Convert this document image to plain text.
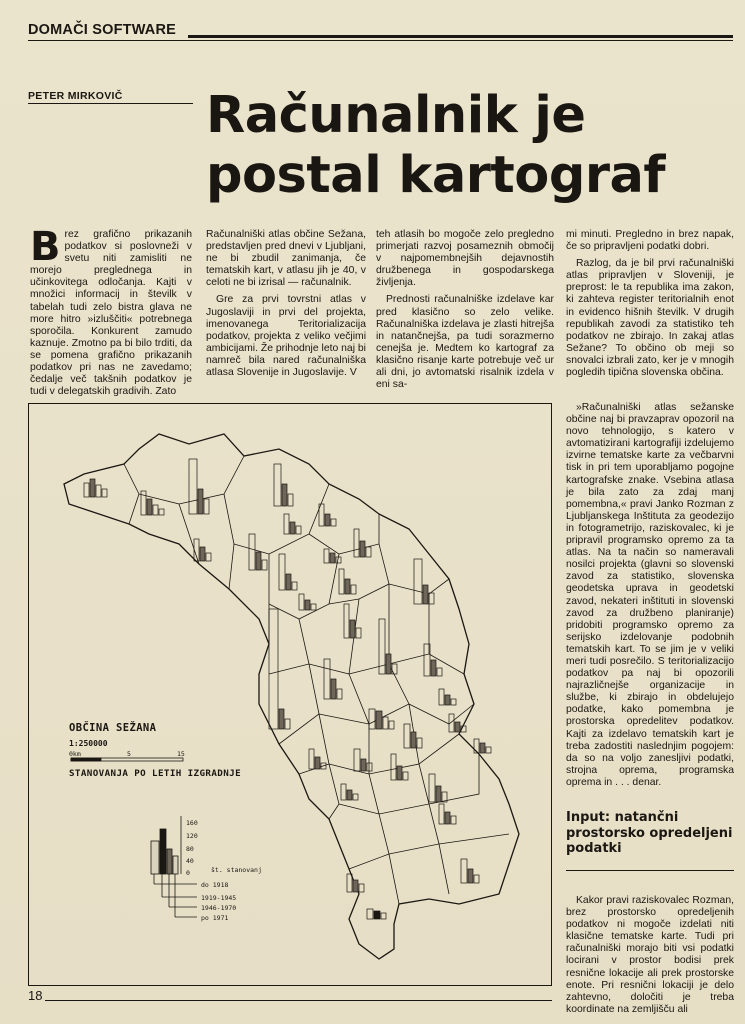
DOMAČI SOFTWARE
PETER MIRKOVIČ Računalnik je postal kartograf

Brez grafično prikazanih podatkov si poslovneži v svetu niti zamisliti ne morejo preglednega in učinkovitega odločanja. Kajti v množici informacij in številk v tabelah tudi zelo bistra glava ne more hitro »izluščiti« potrebnega sporočila. Konkurent zamudo kaznuje. Zmotno pa bi bilo trditi, da se pomena grafično prikazanih podatkov pri nas ne zavedamo; čedalje več takšnih podatkov je tudi v delegatskih gradivih. Zato

Računalniški atlas občine Sežana, predstavljen pred dnevi v Ljubljani, ne bi zbudil zanimanja, če tematskih kart, v atlasu jih je 40, v celoti ne bi izrisal — računalnik.

Gre za prvi tovrstni atlas v Jugoslaviji in prvi del projekta, imenovanega Teritorializacija podatkov, projekta z veliko večjimi ambicijami. Že prihodnje leto naj bi namreč bila nared računalniška atlasa Slovenije in Jugoslavije. V

teh atlasih bo mogoče zelo pregledno primerjati razvoj posameznih območij v najpomembnejših dejavnostih družbenega in gospodarskega življenja.

Prednosti računalniške izdelave kar pred klasično so zelo velike. Računalniška izdelava je zlasti hitrejša in natančnejša, pa tudi sorazmerno cenejša je. Medtem ko kartograf za klasično risanje karte potrebuje več ur ali dni, jo avtomatski risalnik izdela v eni sa-

mi minuti. Pregledno in brez napak, če so pripravljeni podatki dobri.

Razlog, da je bil prvi računalniški atlas pripravljen v Sloveniji, je preprost: le ta republika ima zakon, ki zahteva register teritorialnih enot in evidenco hišnih številk. V drugih republikah zavodi za statistiko teh podatkov ne zbirajo. In zakaj atlas Sežane? To občino ob meji so snovalci izbrali zato, ker je v mnogih pogledih tipična slovenska občina.

»Računalniški atlas sežanske občine naj bi pravzaprav opozoril na novo tehnologijo, s katero v avtomatizirani kartografiji izdelujemo izvirne tematske karte za večbarvni tisk in pri tem uporabljamo pogojne kartografske znake. Vsebina atlasa je bila zato za zdaj manj pomembna,« pravi Janko Rozman z Ljubljanskega Inštituta za geodezijo in fotogrametrijo, raziskovalec, ki je pripravil programsko opremo za ta atlas. Na ta način so nameravali nosilci projekta (glavni so slovenski zavod za statistiko, slovenska geodetska uprava in geodetski zavod, nekateri inštituti in slovenski zavod za družbeno planiranje) pridobiti programsko opremo za serijsko izdelovanje podobnih tematskih kart. To se jim je v veliki meri tudi posrečilo. S teritorializacijo podatkov pa naj bi opozorili najrazličnejše organizacije in službe, ki zbirajo in obdelujejo podatke, kako pomembna je prostorska opredelitev podatkov. Kajti za izdelavo tematskih kart je treba zadostiti naslednjim pogojem: da so na voljo zanesljivi podatki, strojna oprema, programska oprema in . . . denar.

Input: natančni prostorsko opredeljeni podatki

Kakor pravi raziskovalec Rozman, brez prostorsko opredeljenih podatkov ni mogoče izdelati niti klasične tematske karte. Tudi pri računalniški morajo biti vsi podatki locirani v prostor bodisi prek resnične lokacije ali prek prostorske enote. Pri resnični lokaciji je delo zahtevno, določiti je treba koordinate na zemljišču ali

OBČINA SEŽANA
1:250000
0km	5	15
STANOVANJA PO LETIH IZGRADNJE
160
120
80
40
0	št. stanovanj
do 1918
1919-1945
1946-1970
po 1971
18
